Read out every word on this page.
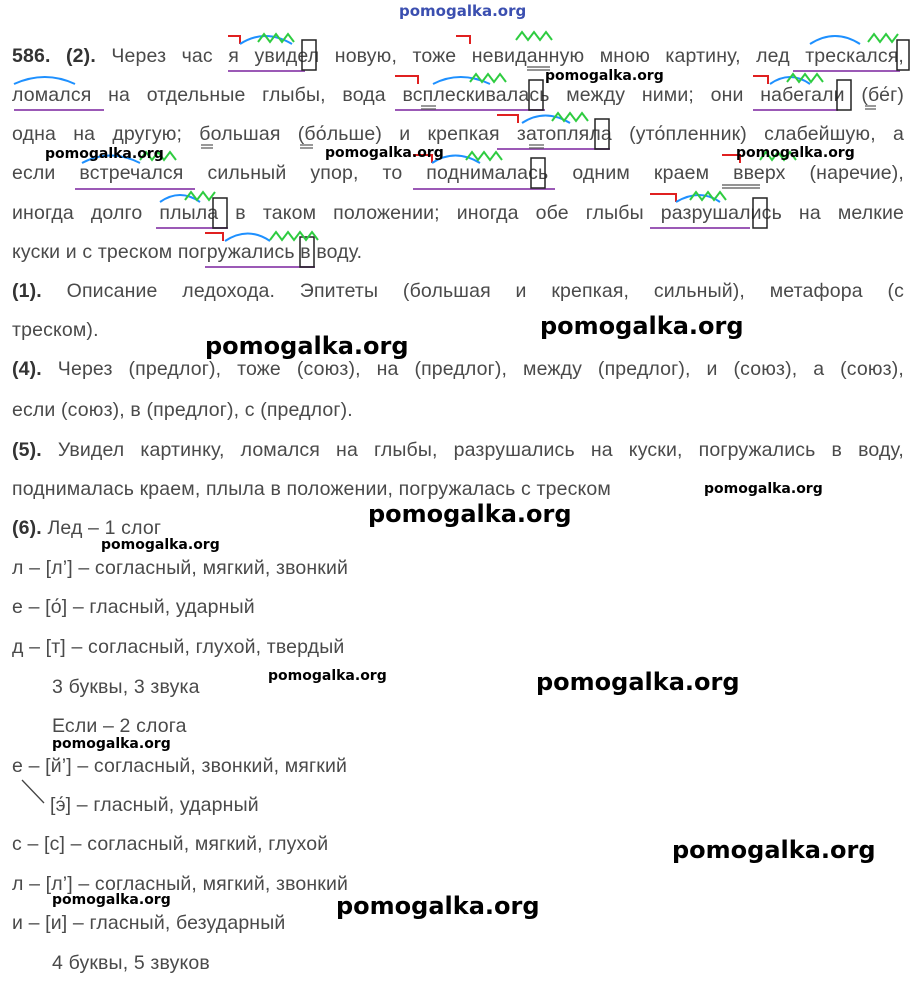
pomogalka.org
586. (2). Через час я увидел новую, тоже невиданную мною картину, лед трескался,
ломался на отдельные глыбы, вода всплескивалась между ними; они набегали (бе́г)
одна на другую; большая (бо́льше) и крепкая затопляла (уто́пленник) слабейшую, а
если встречался сильный упор, то поднималась одним краем вверх (наречие),
иногда долго плыла в таком положении; иногда обе глыбы разрушались на мелкие
куски и с треском погружались в воду.
(1). Описание ледохода. Эпитеты (большая и крепкая, сильный), метафора (с
треском).
(4). Через (предлог), тоже (союз), на (предлог), между (предлог), и (союз), а (союз),
если (союз), в (предлог), с (предлог).
(5). Увидел картинку, ломался на глыбы, разрушались на куски, погружались в воду,
поднималась краем, плыла в положении, погружалась с треском
(6). Лед – 1 слог
л – [л’] – согласный, мягкий, звонкий
е – [о́] – гласный, ударный
д – [т] – согласный, глухой, твердый
3 буквы, 3 звука
Если – 2 слога
е – [й’] – согласный, звонкий, мягкий
[э́] – гласный, ударный
с – [с] – согласный, мягкий, глухой
л – [л’] – согласный, мягкий, звонкий
и – [и] – гласный, безударный
4 буквы, 5 звуков
pomogalka.org
pomogalka.org	pomogalka.org	pomogalka.org
pomogalka.org
pomogalka.org
pomogalka.org
pomogalka.org
pomogalka.org
pomogalka.org	pomogalka.org
pomogalka.org
pomogalka.org
pomogalka.org	pomogalka.org
